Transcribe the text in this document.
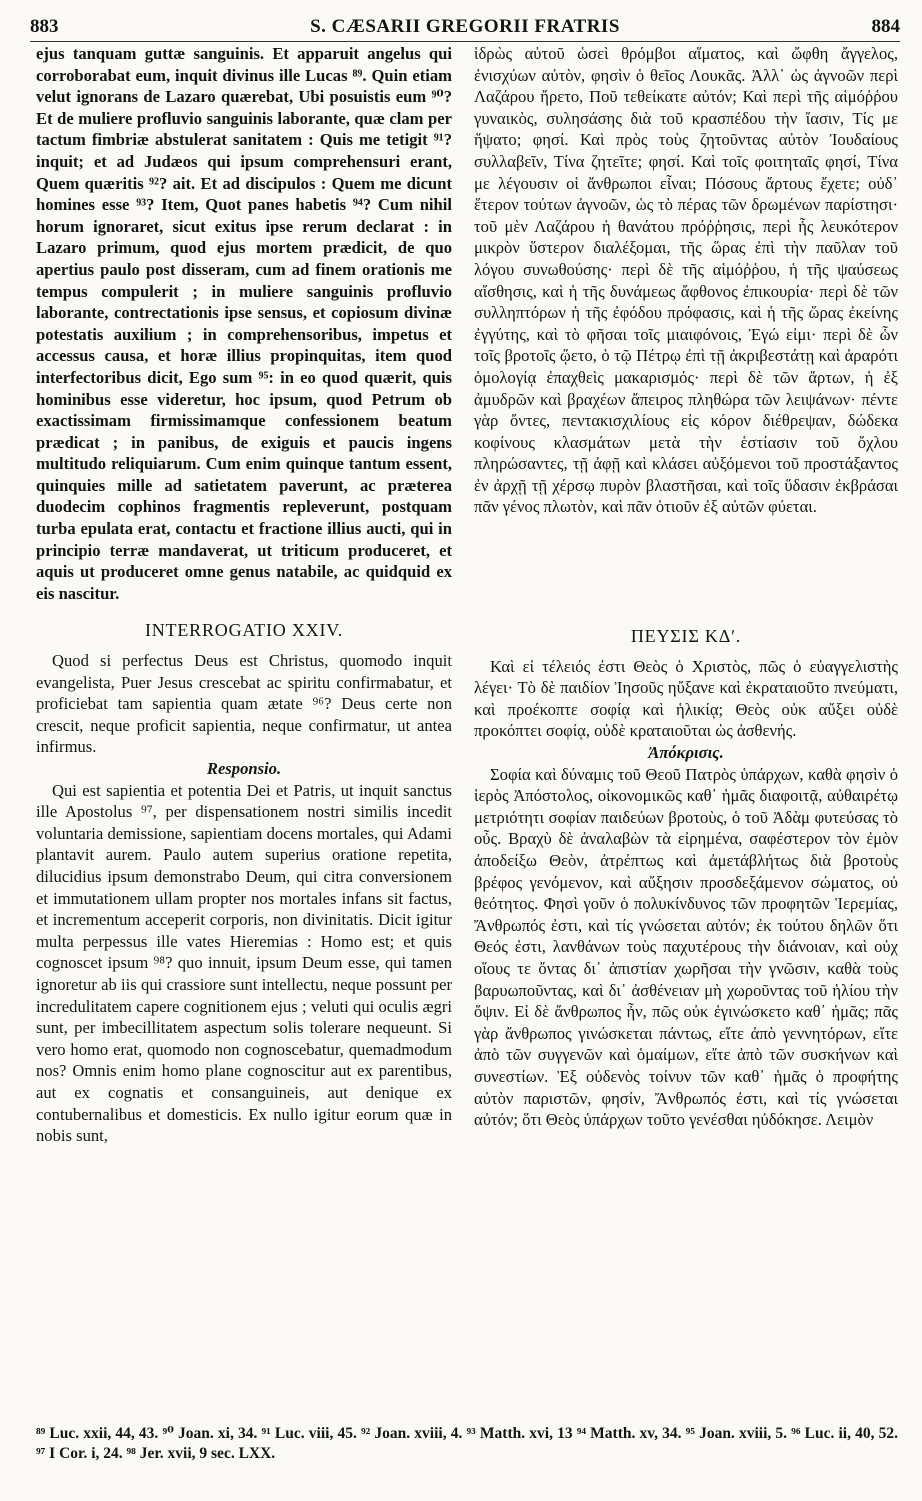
883	S. CÆSARII GREGORII FRATRIS	884

ejus tanquam guttæ sanguinis. Et apparuit angelus qui corroborabat eum, inquit divinus ille Lucas ⁸⁹. Quin etiam velut ignorans de Lazaro quærebat, Ubi posuistis eum ⁹⁰? Et de muliere profluvio sanguinis laborante, quæ clam per tactum fimbriæ abstulerat sanitatem : Quis me tetigit ⁹¹? inquit; et ad Judæos qui ipsum comprehensuri erant, Quem quæritis ⁹²? ait. Et ad discipulos : Quem me dicunt homines esse ⁹³? Item, Quot panes habetis ⁹⁴? Cum nihil horum ignoraret, sicut exitus ipse rerum declarat : in Lazaro primum, quod ejus mortem prædicit, de quo apertius paulo post disseram, cum ad finem orationis me tempus compulerit ; in muliere sanguinis profluvio laborante, contrectationis ipse sensus, et copiosum divinæ potestatis auxilium ; in comprehensoribus, impetus et accessus causa, et horæ illius propinquitas, item quod interfectoribus dicit, Ego sum ⁹⁵: in eo quod quærit, quis hominibus esse videretur, hoc ipsum, quod Petrum ob exactissimam firmissimamque confessionem beatum prædicat ; in panibus, de exiguis et paucis ingens multitudo reliquiarum. Cum enim quinque tantum essent, quinquies mille ad satietatem paverunt, ac præterea duodecim cophinos fragmentis repleverunt, postquam turba epulata erat, contactu et fractione illius aucti, qui in principio terræ mandaverat, ut triticum produceret, et aquis ut produceret omne genus natabile, ac quidquid ex eis nascitur.

INTERROGATIO XXIV.

Quod si perfectus Deus est Christus, quomodo inquit evangelista, Puer Jesus crescebat ac spiritu confirmabatur, et proficiebat tam sapientia quam ætate ⁹⁶? Deus certe non crescit, neque proficit sapientia, neque confirmatur, ut antea infirmus.

Responsio.

Qui est sapientia et potentia Dei et Patris, ut inquit sanctus ille Apostolus ⁹⁷, per dispensationem nostri similis incedit voluntaria demissione, sapientiam docens mortales, qui Adami plantavit aurem. Paulo autem superius oratione repetita, dilucidius ipsum demonstrabo Deum, qui citra conversionem et immutationem ullam propter nos mortales infans sit factus, et incrementum acceperit corporis, non divinitatis. Dicit igitur multa perpessus ille vates Hieremias : Homo est; et quis cognoscet ipsum ⁹⁸? quo innuit, ipsum Deum esse, qui tamen ignoretur ab iis qui crassiore sunt intellectu, neque possunt per incredulitatem capere cognitionem ejus ; veluti qui oculis ægri sunt, per imbecillitatem aspectum solis tolerare nequeunt. Si vero homo erat, quomodo non cognoscebatur, quemadmodum nos? Omnis enim homo plane cognoscitur aut ex parentibus, aut ex cognatis et consanguineis, aut denique ex contubernalibus et domesticis. Ex nullo igitur eorum quæ in nobis sunt,

ἱδρὼς αὐτοῦ ὡσεὶ θρόμβοι αἵματος, καὶ ὤφθη ἄγγελος, ἐνισχύων αὐτὸν, φησὶν ὁ θεῖος Λουκᾶς. Ἀλλ᾽ ὡς ἀγνοῶν περὶ Λαζάρου ἤρετο, Ποῦ τεθείκατε αὐτόν; Καὶ περὶ τῆς αἱμόῤῥου γυναικὸς, συλησάσης διὰ τοῦ κρασπέδου τὴν ἴασιν, Τίς με ἥψατο; φησί. Καὶ πρὸς τοὺς ζητοῦντας αὐτὸν Ἰουδαίους συλλαβεῖν, Τίνα ζητεῖτε; φησί. Καὶ τοῖς φοιτηταῖς φησί, Τίνα με λέγουσιν οἱ ἄνθρωποι εἶναι; Πόσους ἄρτους ἔχετε; οὐδ᾽ ἕτερον τούτων ἀγνοῶν, ὡς τὸ πέρας τῶν δρωμένων παρίστησι· τοῦ μὲν Λαζάρου ἡ θανάτου πρόῤῥησις, περὶ ἧς λευκότερον μικρὸν ὕστερον διαλέξομαι, τῆς ὥρας ἐπὶ τὴν παῦλαν τοῦ λόγου συνωθούσης· περὶ δὲ τῆς αἱμόῤῥου, ἡ τῆς ψαύσεως αἴσθησις, καὶ ἡ τῆς δυνάμεως ἄφθονος ἐπικουρία· περὶ δὲ τῶν συλληπτόρων ἡ τῆς ἐφόδου πρόφασις, καὶ ἡ τῆς ὥρας ἐκείνης ἐγγύτης, καὶ τὸ φῆσαι τοῖς μιαιφόνοις, Ἐγώ εἰμι· περὶ δὲ ὧν τοῖς βροτοῖς ᾤετο, ὁ τῷ Πέτρῳ ἐπὶ τῇ ἀκριβεστάτῃ καὶ ἀραρότι ὁμολογίᾳ ἐπαχθεὶς μακαρισμός· περὶ δὲ τῶν ἄρτων, ἡ ἐξ ἀμυδρῶν καὶ βραχέων ἄπειρος πληθώρα τῶν λειψάνων· πέντε γὰρ ὄντες, πεντακισχιλίους εἰς κόρον διέθρεψαν, δώδεκα κοφίνους κλασμάτων μετὰ τὴν ἑστίασιν τοῦ ὄχλου πληρώσαντες, τῇ ἀφῇ καὶ κλάσει αὐξόμενοι τοῦ προστάξαντος ἐν ἀρχῇ τῇ χέρσῳ πυρὸν βλαστῆσαι, καὶ τοῖς ὕδασιν ἐκβράσαι πᾶν γένος πλωτὸν, καὶ πᾶν ὁτιοῦν ἐξ αὐτῶν φύεται.

ΠΕΥΣΙΣ ΚΔʹ.

Καὶ εἰ τέλειός ἐστι Θεὸς ὁ Χριστὸς, πῶς ὁ εὐαγγελιστὴς λέγει· Τὸ δὲ παιδίον Ἰησοῦς ηὔξανε καὶ ἐκραταιοῦτο πνεύματι, καὶ προέκοπτε σοφίᾳ καὶ ἡλικίᾳ; Θεὸς οὐκ αὔξει οὐδὲ προκόπτει σοφίᾳ, οὐδὲ κραταιοῦται ὡς ἀσθενής.

Ἀπόκρισις.

Σοφία καὶ δύναμις τοῦ Θεοῦ Πατρὸς ὑπάρχων, καθὰ φησὶν ὁ ἱερὸς Ἀπόστολος, οἰκονομικῶς καθ᾽ ἡμᾶς διαφοιτᾷ, αὐθαιρέτῳ μετριότητι σοφίαν παιδεύων βροτοὺς, ὁ τοῦ Ἀδὰμ φυτεύσας τὸ οὖς. Βραχὺ δὲ ἀναλαβὼν τὰ εἰρημένα, σαφέστερον τὸν ἐμὸν ἀποδείξω Θεὸν, ἀτρέπτως καὶ ἀμετάβλήτως διὰ βροτοὺς βρέφος γενόμενον, καὶ αὔξησιν προσδεξάμενον σώματος, οὐ θεότητος. Φησὶ γοῦν ὁ πολυκίνδυνος τῶν προφητῶν Ἱερεμίας, Ἄνθρωπός ἐστι, καὶ τίς γνώσεται αὐτόν; ἐκ τούτου δηλῶν ὅτι Θεός ἐστι, λανθάνων τοὺς παχυτέρους τὴν διάνοιαν, καὶ οὐχ οἵους τε ὄντας δι᾽ ἀπιστίαν χωρῆσαι τὴν γνῶσιν, καθὰ τοὺς βαρυωποῦντας, καὶ δι᾽ ἀσθένειαν μὴ χωροῦντας τοῦ ἡλίου τὴν ὄψιν. Εἰ δὲ ἄνθρωπος ἦν, πῶς οὐκ ἐγινώσκετο καθ᾽ ἡμᾶς; πᾶς γὰρ ἄνθρωπος γινώσκεται πάντως, εἴτε ἀπὸ γεννητόρων, εἴτε ἀπὸ τῶν συγγενῶν καὶ ὁμαίμων, εἴτε ἀπὸ τῶν συσκήνων καὶ συνεστίων. Ἐξ οὐδενὸς τοίνυν τῶν καθ᾽ ἡμᾶς ὁ προφήτης αὐτὸν παριστῶν, φησίν, Ἄνθρωπός ἐστι, καὶ τίς γνώσεται αὐτόν; ὅτι Θεὸς ὑπάρχων τοῦτο γενέσθαι ηὐδόκησε. Λειμὸν

⁸⁹ Luc. xxii, 44, 43. ⁹⁰ Joan. xi, 34. ⁹¹ Luc. viii, 45. ⁹² Joan. xviii, 4. ⁹³ Matth. xvi, 13 ⁹⁴ Matth. xv, 34. ⁹⁵ Joan. xviii, 5. ⁹⁶ Luc. ii, 40, 52. ⁹⁷ I Cor. i, 24. ⁹⁸ Jer. xvii, 9 sec. LXX.
